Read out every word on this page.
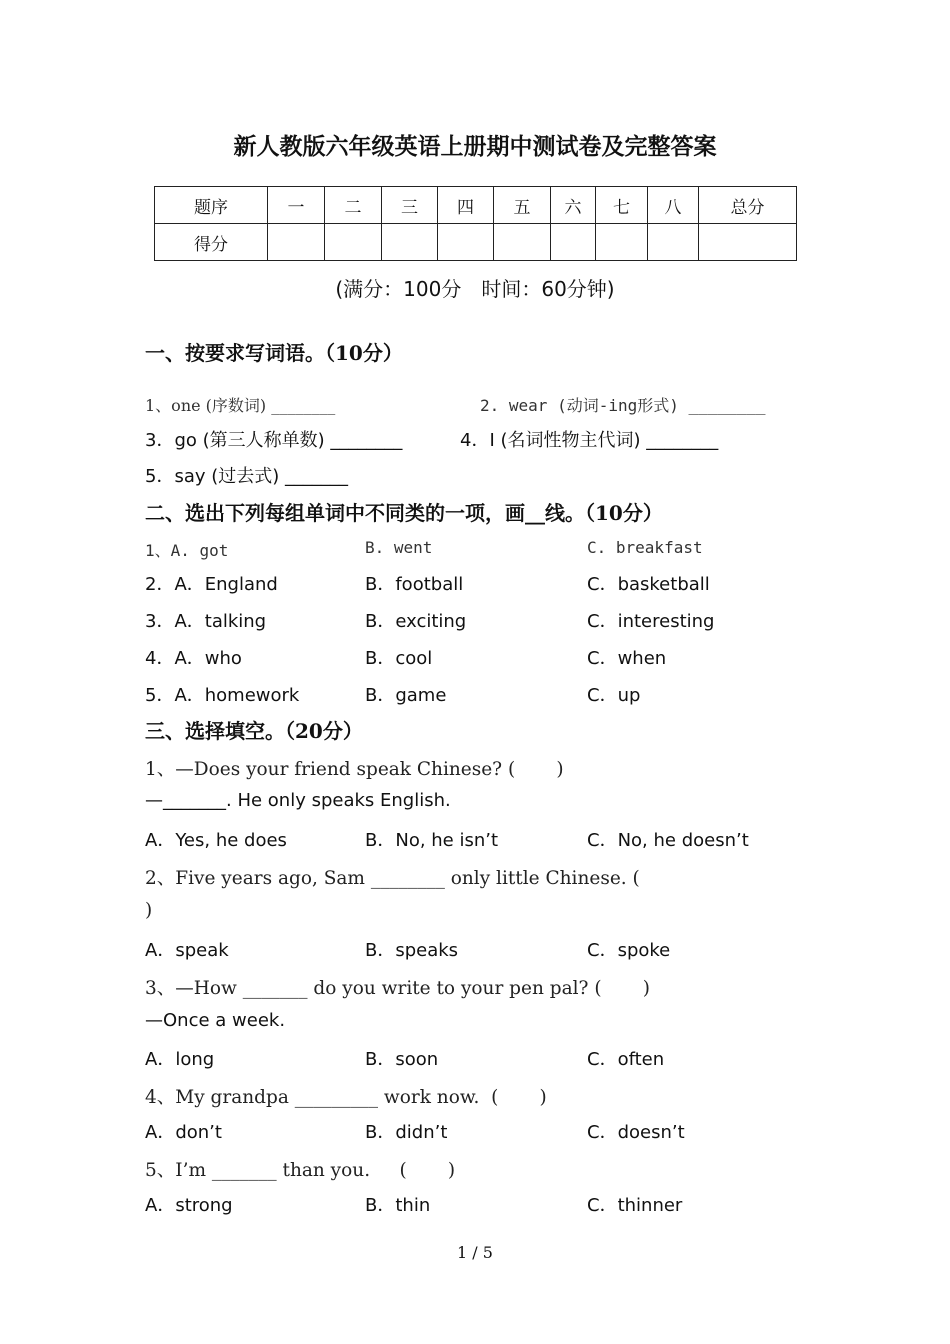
新人教版六年级英语上册期中测试卷及完整答案
题序	一	二	三	四	五	六	七	八	总分
得分									
(满分：100分　时间：60分钟)
一、按要求写词语。（10分）
1、one (序数词) ________	2. wear (动词-ing形式) ________
3．go (第三人称单数) ________	4．I (名词性物主代词) ________
5．say (过去式) _______
二、选出下列每组单词中不同类的一项，画__线。（10分）
1、A. got	B. went	C. breakfast
2．A．England	B．football	C．basketball
3．A．talking	B．exciting	C．interesting
4．A．who	B．cool	C．when
5．A．homework	B．game	C．up
三、选择填空。（20分）
1、—Does your friend speak Chinese? (       )
—_______. He only speaks English.
A．Yes, he does	B．No, he isn’t	C．No, he doesn’t
2、Five years ago, Sam ________ only little Chinese. (
)
A．speak	B．speaks	C．spoke
3、—How _______ do you write to your pen pal? (       )
—Once a week.
A．long	B．soon	C．often
4、My grandpa _________ work now.  (       )
A．don’t	B．didn’t	C．doesn’t
5、I’m _______ than you.     (       )
A．strong	B．thin	C．thinner
1 / 5
